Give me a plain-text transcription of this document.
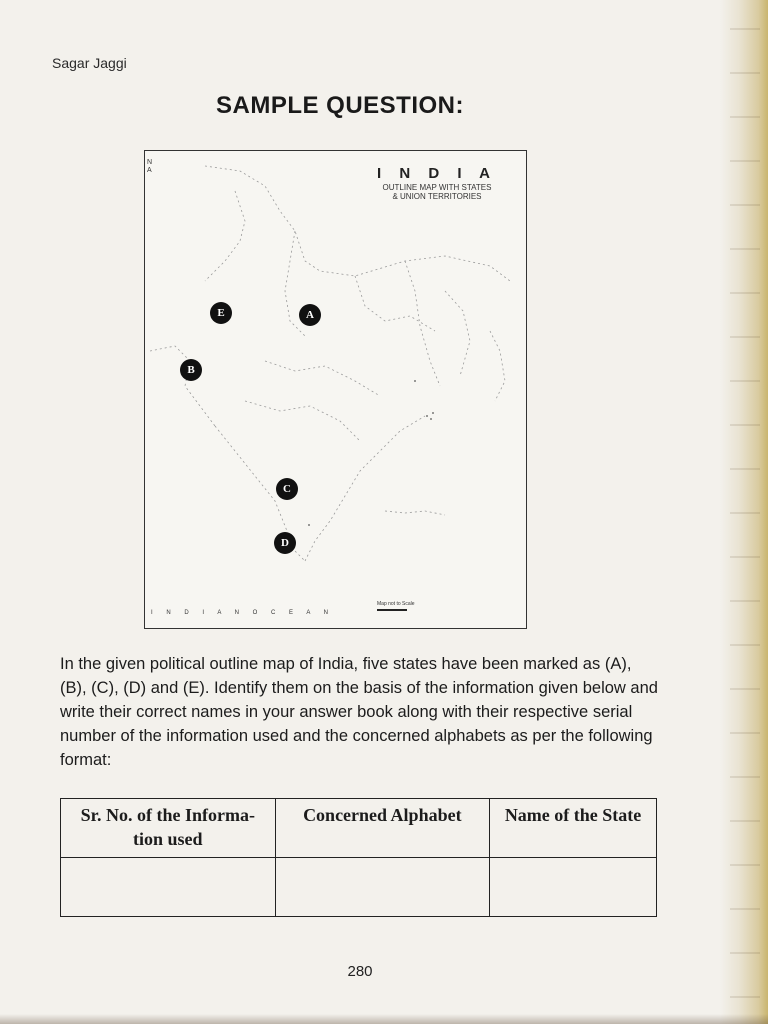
Sagar Jaggi
SAMPLE QUESTION:
N
A	I N D I A
OUTLINE MAP WITH STATES
& UNION TERRITORIES
E	A
B
C
D
I N D I A N O C E A N
Map not to Scale
In the given political outline map of India, five states have been marked as (A), (B), (C), (D) and (E). Identify them on the basis of the information given below and write their correct names in your answer book along with their respective serial number of the information used and the concerned alphabets as per the following format:
Sr. No. of the Informa-tion used	Concerned Alphabet	Name of the State

280
